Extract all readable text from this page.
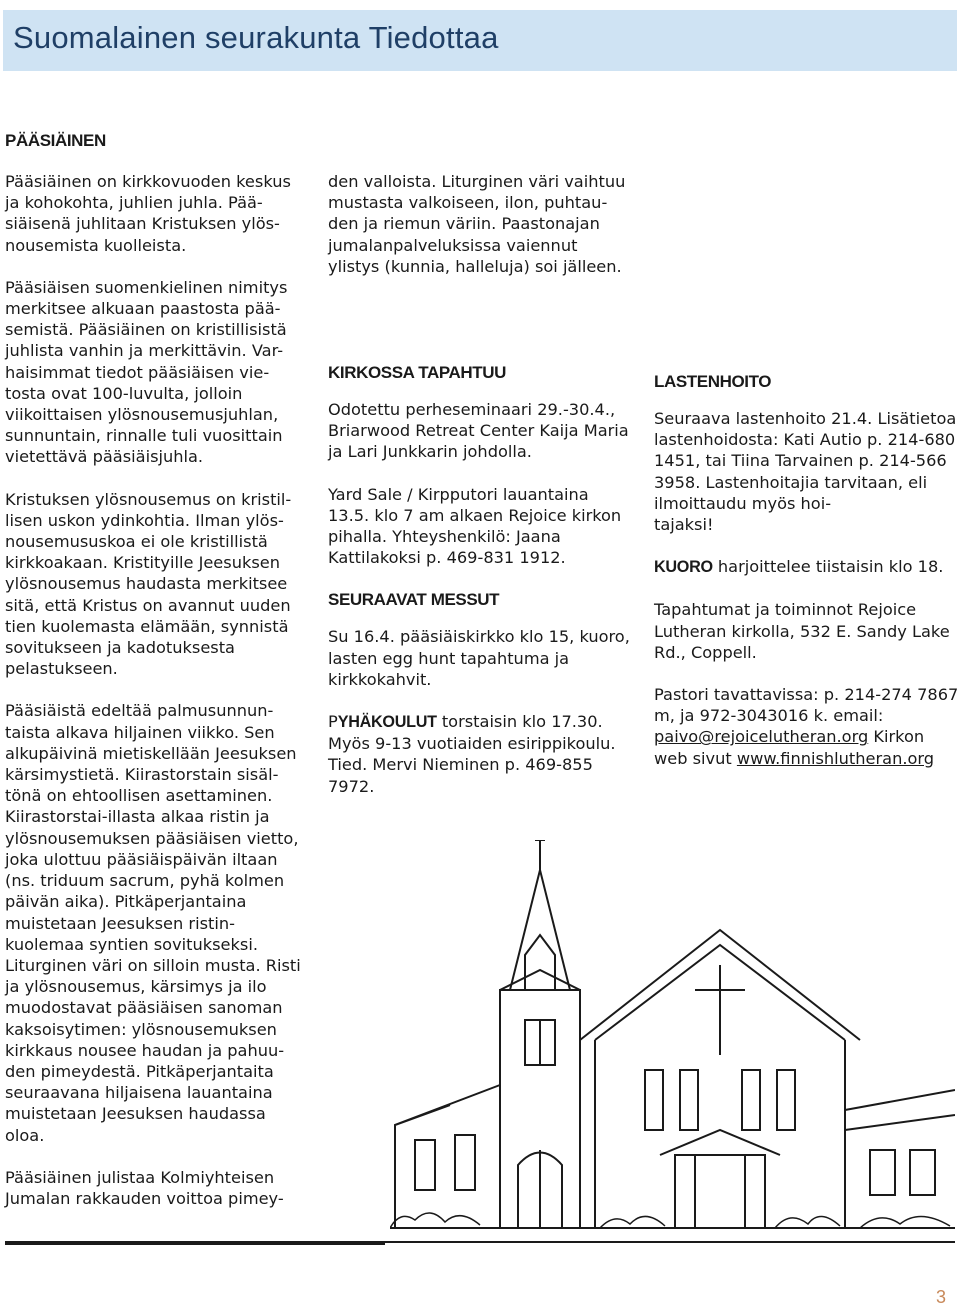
Suomalainen seurakunta Tiedottaa
PÄÄSIÄINEN

Pääsiäinen on kirkkovuoden keskus ja kohokohta, juhlien juhla. Pää-
siäisenä juhlitaan Kristuksen ylös-
nousemista kuolleista.

Pääsiäisen suomenkielinen nimitys merkitsee alkuaan paastosta pää-
semistä. Pääsiäinen on kristillisistä juhlista vanhin ja merkittävin. Var-
haisimmat tiedot pääsiäisen vie-
tosta ovat 100-luvulta, jolloin viikoittaisen ylösnousemusjuhlan, sunnuntain, rinnalle tuli vuosittain vietettävä pääsiäisjuhla.

Kristuksen ylösnousemus on kristil-
lisen uskon ydinkohtia. Ilman ylös-
nousemususkoa ei ole kristillistä kirkkoakaan. Kristityille Jeesuksen ylösnousemus haudasta merkitsee sitä, että Kristus on avannut uuden tien kuolemasta elämään, synnistä sovitukseen ja kadotuksesta pelastukseen.

Pääsiäistä edeltää palmusunnun-
taista alkava hiljainen viikko. Sen alkupäivinä mietiskellään Jeesuksen kärsimystietä. Kiirastorstain sisäl-
tönä on ehtoollisen asettaminen. Kiirastorstai-illasta alkaa ristin ja ylösnousemuksen pääsiäisen vietto, joka ulottuu pääsiäispäivän iltaan (ns. triduum sacrum, pyhä kolmen päivän aika). Pitkäperjantaina muistetaan Jeesuksen ristin-
kuolemaa syntien sovitukseksi. Liturginen väri on silloin musta. Risti ja ylösnousemus, kärsimys ja ilo muodostavat pääsiäisen sanoman kaksoisytimen: ylösnousemuksen kirkkaus nousee haudan ja pahuu-
den pimeydestä. Pitkäperjantaita seuraavana hiljaisena lauantaina muistetaan Jeesuksen haudassa oloa.

Pääsiäinen julistaa Kolmiyhteisen Jumalan rakkauden voittoa pimey-

den valloista. Liturginen väri vaihtuu mustasta valkoiseen, ilon, puhtau-
den ja riemun väriin. Paastonajan jumalanpalveluksissa vaiennut ylistys (kunnia, halleluja) soi jälleen.

KIRKOSSA TAPAHTUU

Odotettu perheseminaari 29.-30.4., Briarwood Retreat Center Kaija Maria ja Lari Junkkarin johdolla.

Yard Sale / Kirpputori lauantaina 13.5. klo 7 am alkaen Rejoice kirkon pihalla. Yhteyshenkilö: Jaana Kattilakoksi p. 469-831 1912.

SEURAAVAT MESSUT

Su 16.4. pääsiäiskirkko klo 15, kuoro, lasten egg hunt tapahtuma ja kirkkokahvit.

PYHÄKOULUT torstaisin klo 17.30. Myös 9-13 vuotiaiden esirippikoulu. Tied. Mervi Nieminen p. 469-855 7972.

LASTENHOITO

Seuraava lastenhoito 21.4. Lisätietoa lastenhoidosta: Kati Autio p. 214-680 1451, tai Tiina Tarvainen p. 214-566 3958. Lastenhoitajia tarvitaan, eli ilmoittaudu myös hoi-
tajaksi!

KUORO harjoittelee tiistaisin klo 18.

Tapahtumat ja toiminnot Rejoice Lutheran kirkolla, 532 E. Sandy Lake Rd., Coppell.

Pastori tavattavissa: p. 214-274 7867 m, ja 972-3043016 k. email: paivo@rejoicelutheran.org Kirkon web sivut www.finnishlutheran.org

3
